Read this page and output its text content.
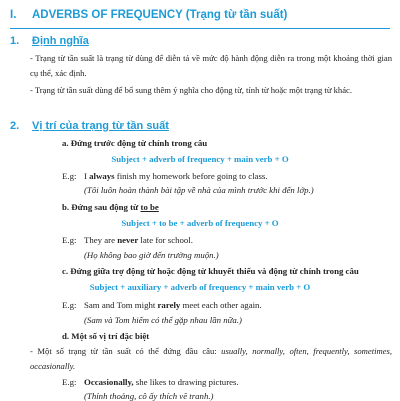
I. ADVERBS OF FREQUENCY (Trạng từ tần suất)
1. Định nghĩa
- Trạng từ tần suất là trạng từ dùng để diễn tả về mức độ hành động diễn ra trong một khoảng thời gian cụ thể, xác định.
- Trạng từ tần suất dùng để bổ sung thêm ý nghĩa cho động từ, tính từ hoặc một trạng từ khác.
2. Vị trí của trạng từ tần suất
a. Đứng trước động từ chính trong câu
Subject + adverb of frequency + main verb + O
E.g: I always finish my homework before going to class.
(Tôi luôn hoàn thành bài tập về nhà của mình trước khi đến lớp.)
b. Đứng sau động từ to be
Subject + to be + adverb of frequency + O
E.g: They are never late for school.
(Họ không bao giờ đến trường muộn.)
c. Đứng giữa trợ động từ hoặc động từ khuyết thiếu và động từ chính trong câu
Subject + auxiliary + adverb of frequency + main verb + O
E.g: Sam and Tom might rarely meet each other again.
(Sam và Tom hiếm có thể gặp nhau lần nữa.)
d. Một số vị trí đặc biệt
- Một số trạng từ tần suất có thể đứng đầu câu: usually, normally, often, frequently, sometimes, occasionally.
E.g: Occasionally, she likes to drawing pictures.
(Thỉnh thoảng, cô ấy thích vẽ tranh.)
